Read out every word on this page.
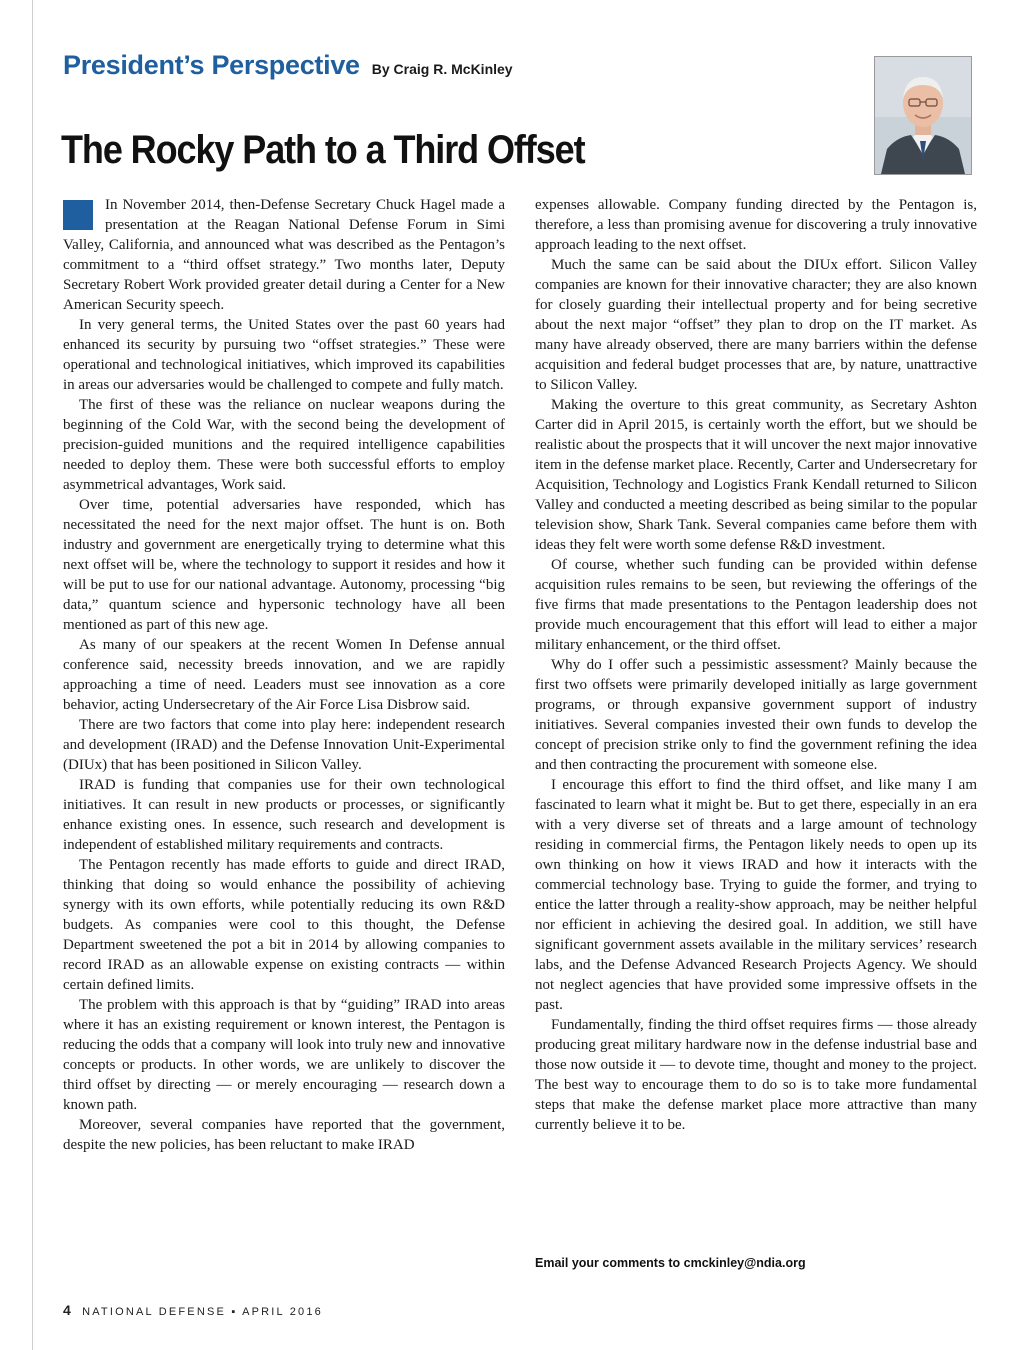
President’s Perspective By Craig R. McKinley
The Rocky Path to a Third Offset

In November 2014, then-Defense Secretary Chuck Hagel made a presentation at the Reagan National Defense Forum in Simi Valley, California, and announced what was described as the Pentagon’s commitment to a “third offset strategy.” Two months later, Deputy Secretary Robert Work provided greater detail during a Center for a New American Security speech.

In very general terms, the United States over the past 60 years had enhanced its security by pursuing two “offset strategies.” These were operational and technological initiatives, which improved its capabilities in areas our adversaries would be challenged to compete and fully match.

The first of these was the reliance on nuclear weapons during the beginning of the Cold War, with the second being the development of precision-guided munitions and the required intelligence capabilities needed to deploy them. These were both successful efforts to employ asymmetrical advantages, Work said.

Over time, potential adversaries have responded, which has necessitated the need for the next major offset. The hunt is on. Both industry and government are energetically trying to determine what this next offset will be, where the technology to support it resides and how it will be put to use for our national advantage. Autonomy, processing “big data,” quantum science and hypersonic technology have all been mentioned as part of this new age.

As many of our speakers at the recent Women In Defense annual conference said, necessity breeds innovation, and we are rapidly approaching a time of need. Leaders must see innovation as a core behavior, acting Undersecretary of the Air Force Lisa Disbrow said.

There are two factors that come into play here: independent research and development (IRAD) and the Defense Innovation Unit-Experimental (DIUx) that has been positioned in Silicon Valley.

IRAD is funding that companies use for their own technological initiatives. It can result in new products or processes, or significantly enhance existing ones. In essence, such research and development is independent of established military requirements and contracts.

The Pentagon recently has made efforts to guide and direct IRAD, thinking that doing so would enhance the possibility of achieving synergy with its own efforts, while potentially reducing its own R&D budgets. As companies were cool to this thought, the Defense Department sweetened the pot a bit in 2014 by allowing companies to record IRAD as an allowable expense on existing contracts — within certain defined limits.

The problem with this approach is that by “guiding” IRAD into areas where it has an existing requirement or known interest, the Pentagon is reducing the odds that a company will look into truly new and innovative concepts or products. In other words, we are unlikely to discover the third offset by directing — or merely encouraging — research down a known path.

Moreover, several companies have reported that the government, despite the new policies, has been reluctant to make IRAD

expenses allowable. Company funding directed by the Pentagon is, therefore, a less than promising avenue for discovering a truly innovative approach leading to the next offset.

Much the same can be said about the DIUx effort. Silicon Valley companies are known for their innovative character; they are also known for closely guarding their intellectual property and for being secretive about the next major “offset” they plan to drop on the IT market. As many have already observed, there are many barriers within the defense acquisition and federal budget processes that are, by nature, unattractive to Silicon Valley.

Making the overture to this great community, as Secretary Ashton Carter did in April 2015, is certainly worth the effort, but we should be realistic about the prospects that it will uncover the next major innovative item in the defense market place. Recently, Carter and Undersecretary for Acquisition, Technology and Logistics Frank Kendall returned to Silicon Valley and conducted a meeting described as being similar to the popular television show, Shark Tank. Several companies came before them with ideas they felt were worth some defense R&D investment.

Of course, whether such funding can be provided within defense acquisition rules remains to be seen, but reviewing the offerings of the five firms that made presentations to the Pentagon leadership does not provide much encouragement that this effort will lead to either a major military enhancement, or the third offset.

Why do I offer such a pessimistic assessment? Mainly because the first two offsets were primarily developed initially as large government programs, or through expansive government support of industry initiatives. Several companies invested their own funds to develop the concept of precision strike only to find the government refining the idea and then contracting the procurement with someone else.

I encourage this effort to find the third offset, and like many I am fascinated to learn what it might be. But to get there, especially in an era with a very diverse set of threats and a large amount of technology residing in commercial firms, the Pentagon likely needs to open up its own thinking on how it views IRAD and how it interacts with the commercial technology base. Trying to guide the former, and trying to entice the latter through a reality-show approach, may be neither helpful nor efficient in achieving the desired goal. In addition, we still have significant government assets available in the military services’ research labs, and the Defense Advanced Research Projects Agency. We should not neglect agencies that have provided some impressive offsets in the past.

Fundamentally, finding the third offset requires firms — those already producing great military hardware now in the defense industrial base and those now outside it — to devote time, thought and money to the project. The best way to encourage them to do so is to take more fundamental steps that make the defense market place more attractive than many currently believe it to be.

Email your comments to cmckinley@ndia.org
4 NATIONAL DEFENSE ▪ APRIL 2016
